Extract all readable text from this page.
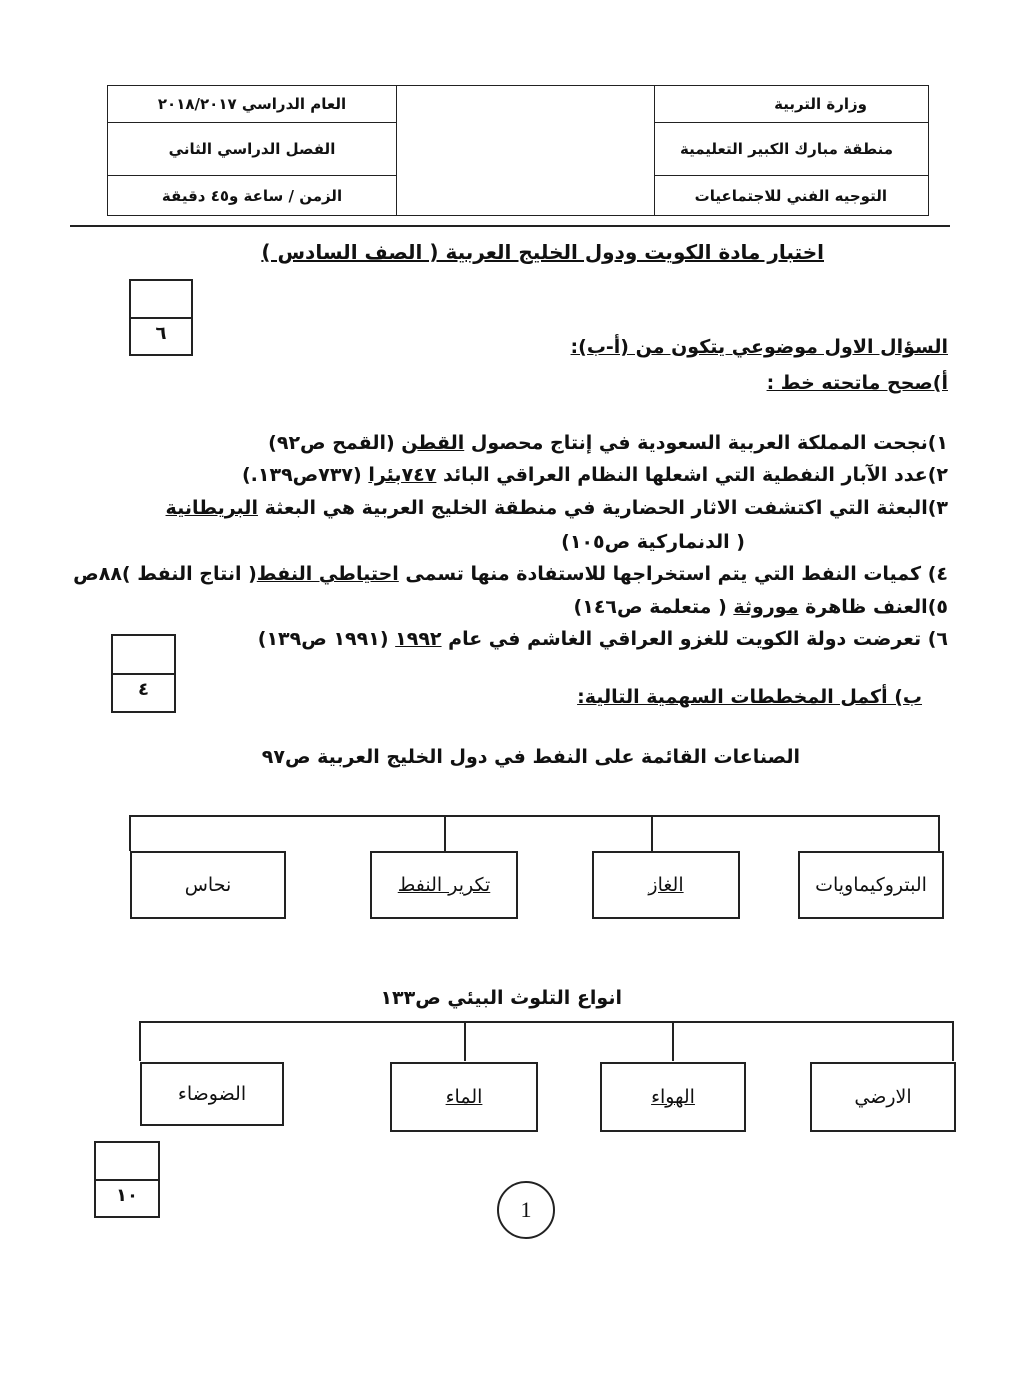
العام الدراسي ٢٠١٨/٢٠١٧
الفصل الدراسي الثاني
الزمن / ساعة و٤٥ دقيقة
وزارة التربية
منطقة مبارك الكبير التعليمية
التوجيه الفني للاجتماعيات
اختبار مادة الكويت ودول الخليج العربية ( الصف السادس )
٦
السؤال الاول موضوعي يتكون من (أ-ب):
أ)صحح ماتحته خط :
١)نجحت المملكة العربية السعودية في إنتاج محصول القطن (القمح ص٩٢)
٢)عدد الآبار النفطية التي اشعلها النظام العراقي البائد ٧٤٧بئرا (٧٣٧ص١٣٩.)
٣)البعثة التي اكتشفت الاثار الحضارية في منطقة الخليج العربية هي البعثة البريطانية
( الدنماركية ص١٠٥)
٤) كميات النفط التي يتم استخراجها للاستفادة منها تسمى احتياطي النفط( انتاج النفط )٨٨ص
٥)العنف ظاهرة موروثة ( متعلمة ص١٤٦)
٦) تعرضت دولة الكويت للغزو العراقي الغاشم في عام ١٩٩٢ (١٩٩١ ص١٣٩)
٤	ب) أكمل المخططات السهمية التالية:
الصناعات القائمة على النفط في دول الخليج العربية ص٩٧
البتروكيماويات
الغاز
تكرير النفط
نحاس
انواع التلوث البيئي ص١٣٣
الارضي
الهواء
الماء
الضوضاء
١٠
1
